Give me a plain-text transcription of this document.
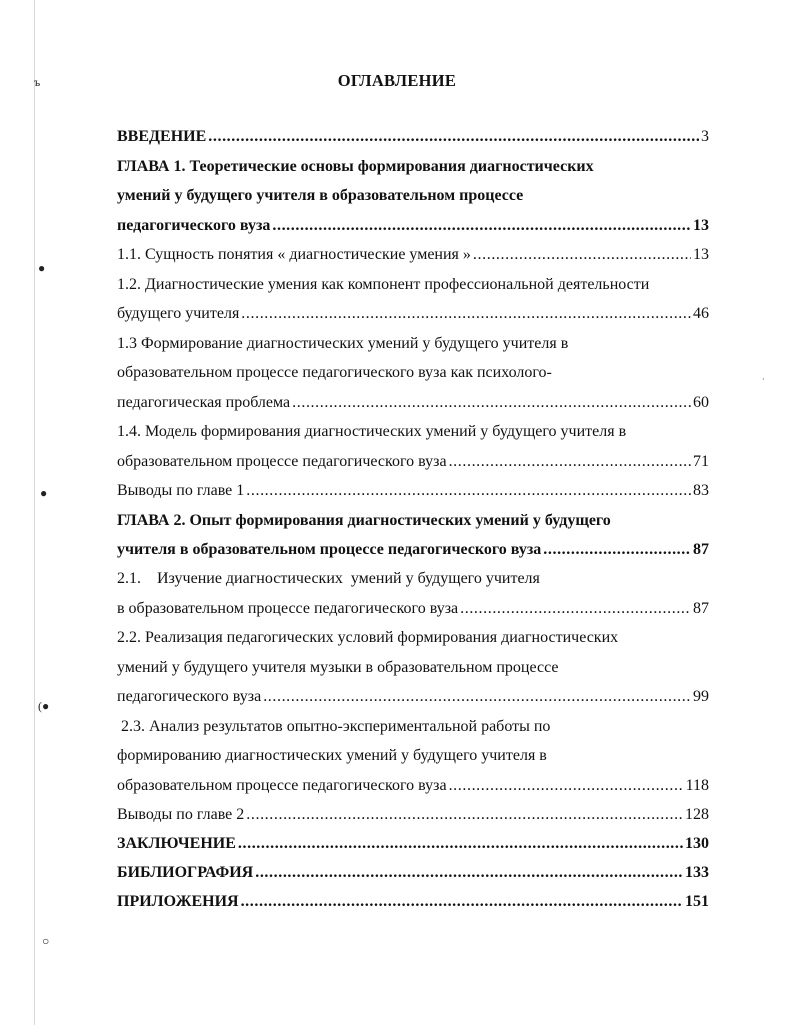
ъ
●
●
(●
○
·
ОГЛАВЛЕНИЕ
ВВЕДЕНИЕ .....	3
ГЛАВА 1. Теоретические основы формирования диагностических
умений у будущего учителя в образовательном процессе
педагогического вуза .....	13
1.1. Сущность понятия « диагностические умения » .....	13
1.2. Диагностические умения как компонент профессиональной деятельности
будущего учителя .....	46
1.3 Формирование диагностических умений у будущего учителя в
образовательном процессе педагогического вуза как психолого-
педагогическая проблема .....	60
1.4. Модель формирования диагностических умений у будущего учителя в
образовательном процессе педагогического вуза .....	71
Выводы по главе 1 .....	83
ГЛАВА 2. Опыт формирования диагностических умений у будущего
учителя в образовательном процессе педагогического вуза .....	87
2.1.    Изучение диагностических  умений у будущего учителя
в образовательном процессе педагогического вуза .....	87
2.2. Реализация педагогических условий формирования диагностических
умений у будущего учителя музыки в образовательном процессе
педагогического вуза .....	99
2.3. Анализ результатов опытно-экспериментальной работы по
формированию диагностических умений у будущего учителя в
образовательном процессе педагогического вуза .....	118
Выводы по главе 2 .....	128
ЗАКЛЮЧЕНИЕ .....	130
БИБЛИОГРАФИЯ .....	133
ПРИЛОЖЕНИЯ .....	151
